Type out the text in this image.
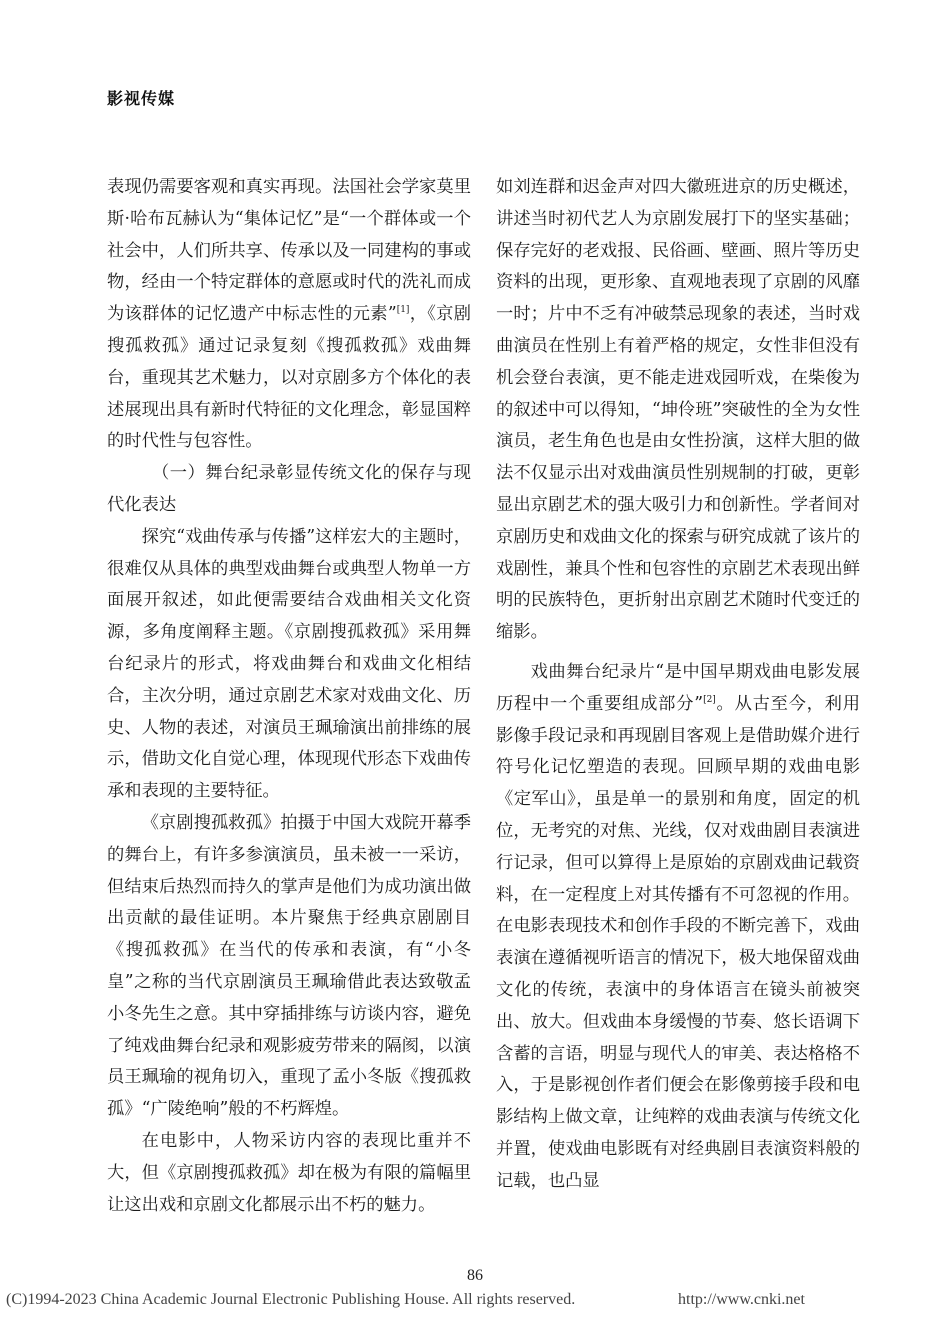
影视传媒

表现仍需要客观和真实再现。法国社会学家莫里斯·哈布瓦赫认为“集体记忆”是“一个群体或一个社会中，人们所共享、传承以及一同建构的事或物，经由一个特定群体的意愿或时代的洗礼而成为该群体的记忆遗产中标志性的元素”[1]，《京剧搜孤救孤》通过记录复刻《搜孤救孤》戏曲舞台，重现其艺术魅力，以对京剧多方个体化的表述展现出具有新时代特征的文化理念，彰显国粹的时代性与包容性。

（一）舞台纪录彰显传统文化的保存与现代化表达

探究“戏曲传承与传播”这样宏大的主题时，很难仅从具体的典型戏曲舞台或典型人物单一方面展开叙述，如此便需要结合戏曲相关文化资源，多角度阐释主题。《京剧搜孤救孤》采用舞台纪录片的形式，将戏曲舞台和戏曲文化相结合，主次分明，通过京剧艺术家对戏曲文化、历史、人物的表述，对演员王珮瑜演出前排练的展示，借助文化自觉心理，体现现代形态下戏曲传承和表现的主要特征。

《京剧搜孤救孤》拍摄于中国大戏院开幕季的舞台上，有许多参演演员，虽未被一一采访，但结束后热烈而持久的掌声是他们为成功演出做出贡献的最佳证明。本片聚焦于经典京剧剧目《搜孤救孤》在当代的传承和表演，有“小冬皇”之称的当代京剧演员王珮瑜借此表达致敬孟小冬先生之意。其中穿插排练与访谈内容，避免了纯戏曲舞台纪录和观影疲劳带来的隔阂，以演员王珮瑜的视角切入，重现了孟小冬版《搜孤救孤》“广陵绝响”般的不朽辉煌。

在电影中，人物采访内容的表现比重并不大，但《京剧搜孤救孤》却在极为有限的篇幅里让这出戏和京剧文化都展示出不朽的魅力。

如刘连群和迟金声对四大徽班进京的历史概述，讲述当时初代艺人为京剧发展打下的坚实基础；保存完好的老戏报、民俗画、壁画、照片等历史资料的出现，更形象、直观地表现了京剧的风靡一时；片中不乏有冲破禁忌现象的表述，当时戏曲演员在性别上有着严格的规定，女性非但没有机会登台表演，更不能走进戏园听戏，在柴俊为的叙述中可以得知，“坤伶班”突破性的全为女性演员，老生角色也是由女性扮演，这样大胆的做法不仅显示出对戏曲演员性别规制的打破，更彰显出京剧艺术的强大吸引力和创新性。学者间对京剧历史和戏曲文化的探索与研究成就了该片的戏剧性，兼具个性和包容性的京剧艺术表现出鲜明的民族特色，更折射出京剧艺术随时代变迁的缩影。

戏曲舞台纪录片“是中国早期戏曲电影发展历程中一个重要组成部分”[2]。从古至今，利用影像手段记录和再现剧目客观上是借助媒介进行符号化记忆塑造的表现。回顾早期的戏曲电影《定军山》，虽是单一的景别和角度，固定的机位，无考究的对焦、光线，仅对戏曲剧目表演进行记录，但可以算得上是原始的京剧戏曲记载资料，在一定程度上对其传播有不可忽视的作用。在电影表现技术和创作手段的不断完善下，戏曲表演在遵循视听语言的情况下，极大地保留戏曲文化的传统，表演中的身体语言在镜头前被突出、放大。但戏曲本身缓慢的节奏、悠长语调下含蓄的言语，明显与现代人的审美、表达格格不入，于是影视创作者们便会在影像剪接手段和电影结构上做文章，让纯粹的戏曲表演与传统文化并置，使戏曲电影既有对经典剧目表演资料般的记载，也凸显

86
(C)1994-2023 China Academic Journal Electronic Publishing House. All rights reserved.	http://www.cnki.net
